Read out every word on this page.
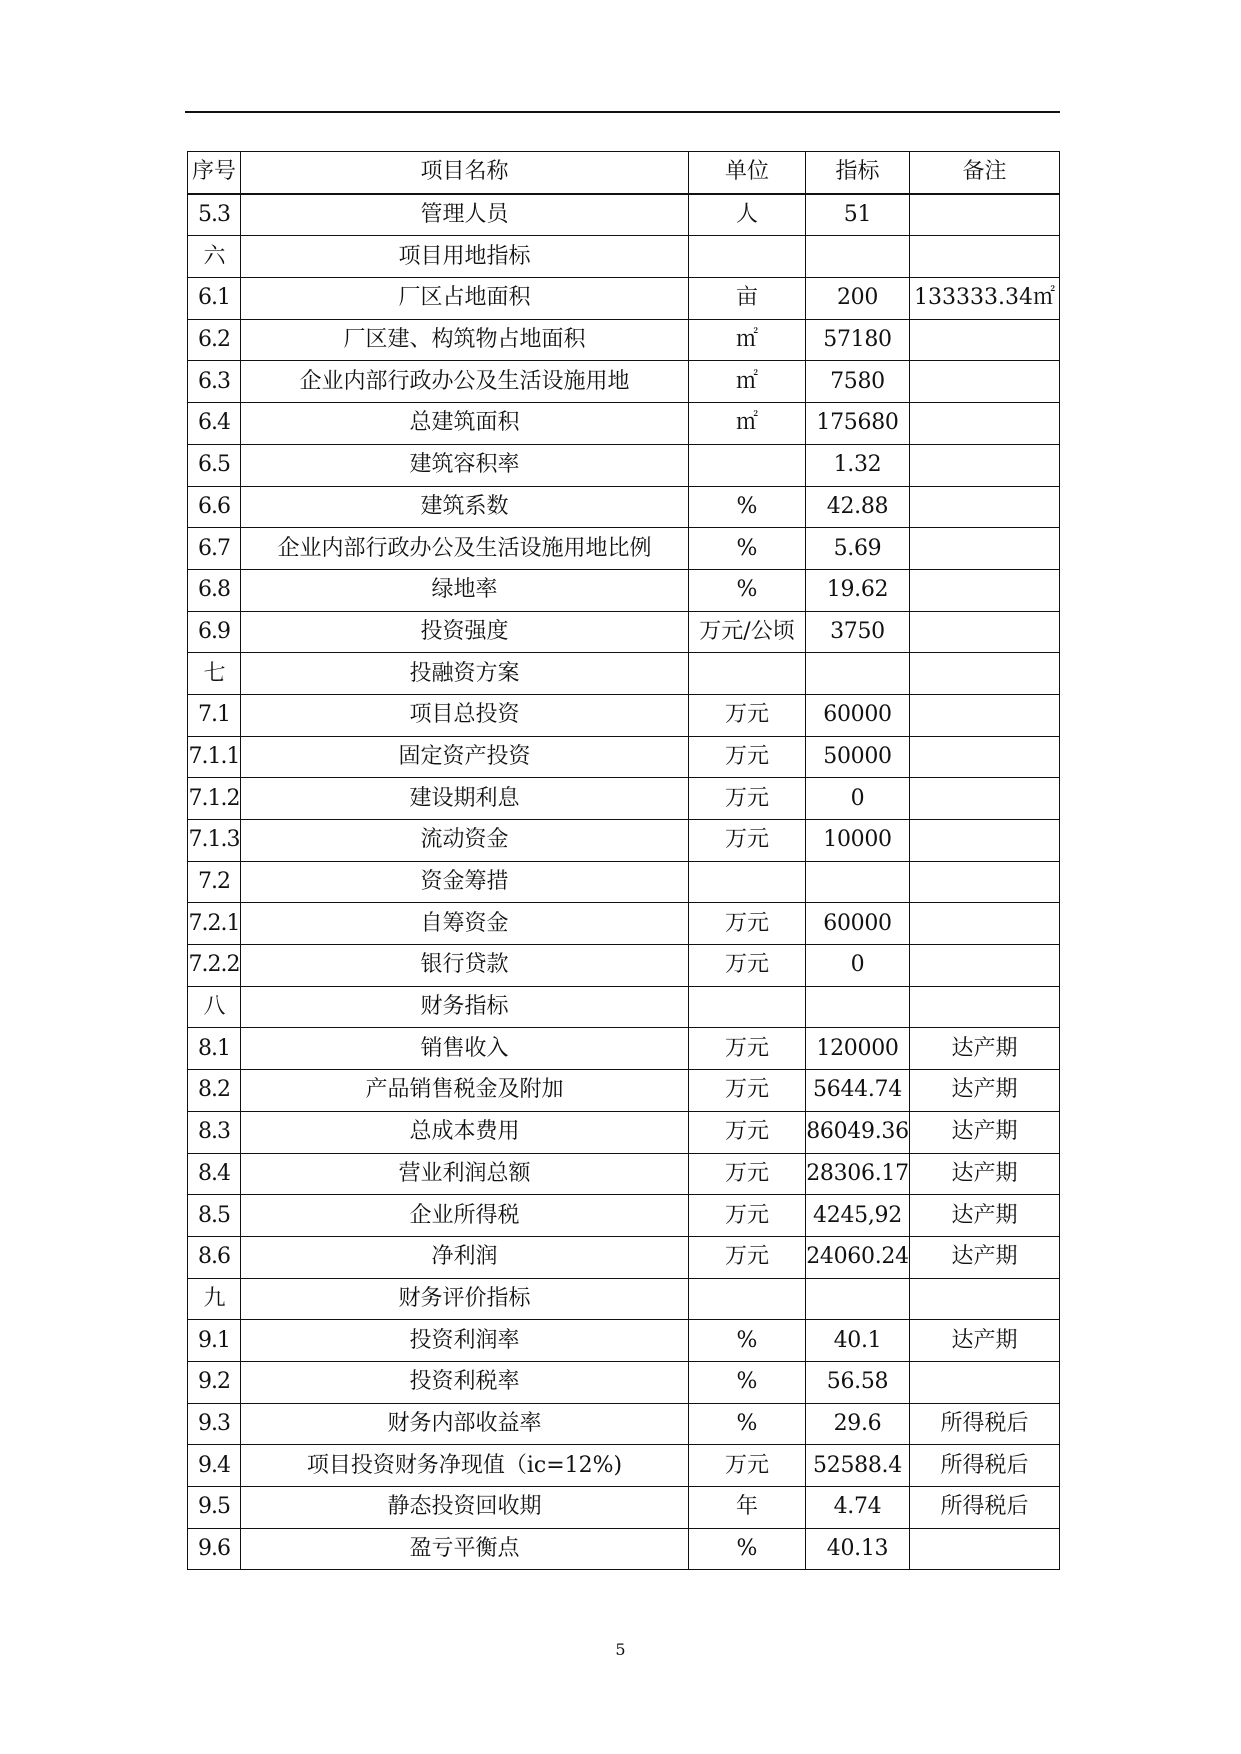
序号	项目名称	单位	指标	备注
5.3	管理人员	人	51	
六	项目用地指标			
6.1	厂区占地面积	亩	200	133333.34㎡
6.2	厂区建、构筑物占地面积	㎡	57180	
6.3	企业内部行政办公及生活设施用地	㎡	7580	
6.4	总建筑面积	㎡	175680	
6.5	建筑容积率		1.32	
6.6	建筑系数	%	42.88	
6.7	企业内部行政办公及生活设施用地比例	%	5.69	
6.8	绿地率	%	19.62	
6.9	投资强度	万元/公顷	3750	
七	投融资方案			
7.1	项目总投资	万元	60000	
7.1.1	固定资产投资	万元	50000	
7.1.2	建设期利息	万元	0	
7.1.3	流动资金	万元	10000	
7.2	资金筹措			
7.2.1	自筹资金	万元	60000	
7.2.2	银行贷款	万元	0	
八	财务指标			
8.1	销售收入	万元	120000	达产期
8.2	产品销售税金及附加	万元	5644.74	达产期
8.3	总成本费用	万元	86049.36	达产期
8.4	营业利润总额	万元	28306.17	达产期
8.5	企业所得税	万元	4245,92	达产期
8.6	净利润	万元	24060.24	达产期
九	财务评价指标			
9.1	投资利润率	%	40.1	达产期
9.2	投资利税率	%	56.58	
9.3	财务内部收益率	%	29.6	所得税后
9.4	项目投资财务净现值（ic=12%)	万元	52588.4	所得税后
9.5	静态投资回收期	年	4.74	所得税后
9.6	盈亏平衡点	%	40.13	
5
